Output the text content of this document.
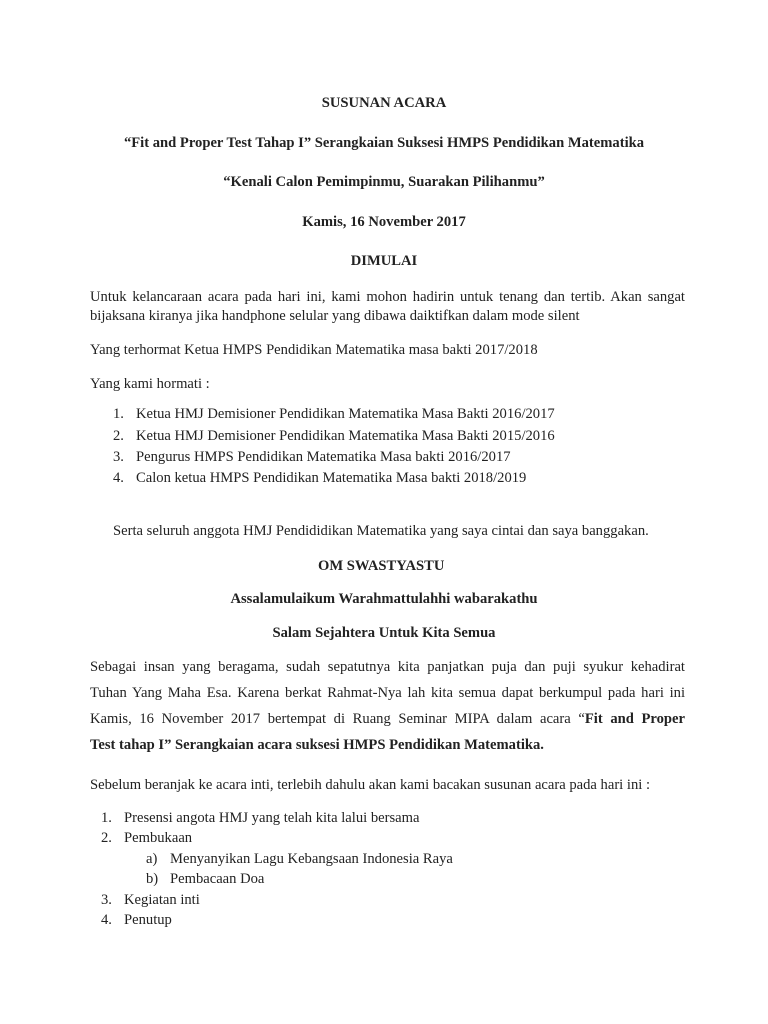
SUSUNAN ACARA
“Fit and Proper Test Tahap I” Serangkaian Suksesi HMPS Pendidikan Matematika
“Kenali Calon Pemimpinmu, Suarakan Pilihanmu”
Kamis, 16 November 2017
DIMULAI
Untuk kelancaraan acara pada hari ini, kami mohon hadirin untuk tenang dan tertib. Akan sangat
bijaksana kiranya jika handphone selular yang dibawa daiktifkan dalam mode silent
Yang terhormat Ketua HMPS Pendidikan Matematika masa bakti 2017/2018
Yang kami hormati :
1. Ketua HMJ Demisioner Pendidikan Matematika Masa Bakti 2016/2017
2. Ketua HMJ Demisioner Pendidikan Matematika Masa Bakti 2015/2016
3. Pengurus HMPS Pendidikan Matematika Masa bakti 2016/2017
4. Calon ketua HMPS Pendidikan Matematika Masa bakti 2018/2019
Serta seluruh anggota HMJ Pendididikan Matematika yang saya cintai dan saya banggakan.
OM SWASTYASTU
Assalamulaikum Warahmattulahhi wabarakathu
Salam Sejahtera Untuk Kita Semua
Sebagai insan yang beragama, sudah sepatutnya kita panjatkan puja dan puji syukur kehadirat
Tuhan Yang Maha Esa. Karena berkat Rahmat-Nya lah kita semua dapat berkumpul pada hari ini
Kamis, 16 November 2017 bertempat di Ruang Seminar MIPA dalam acara “Fit and Proper
Test tahap I” Serangkaian acara suksesi HMPS Pendidikan Matematika.
Sebelum beranjak ke acara inti, terlebih dahulu akan kami bacakan susunan acara pada hari ini :
1. Presensi angota HMJ yang telah kita lalui bersama
2. Pembukaan
a) Menyanyikan Lagu Kebangsaan Indonesia Raya
b) Pembacaan Doa
3. Kegiatan inti
4. Penutup
